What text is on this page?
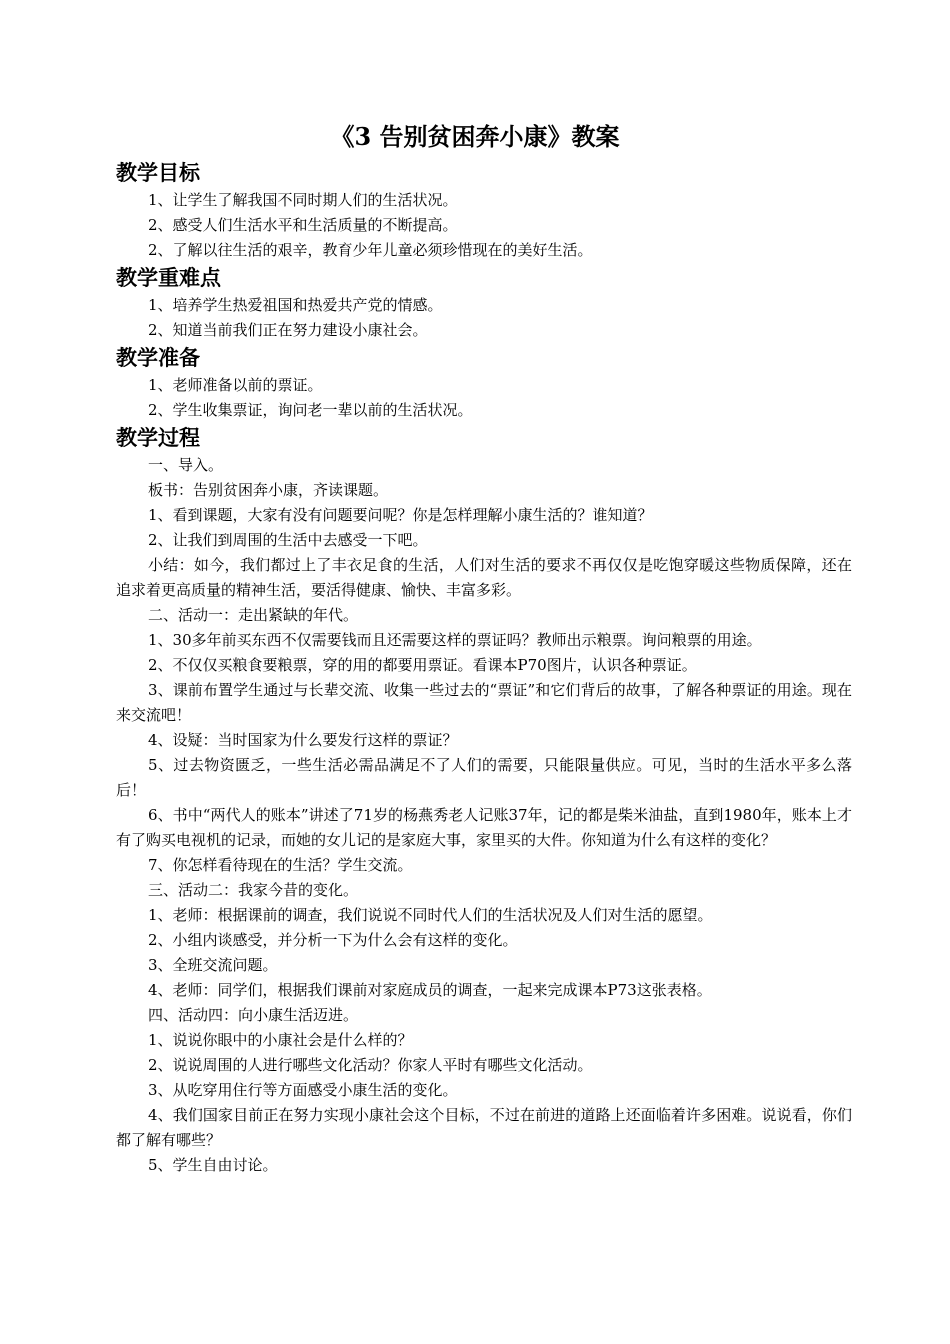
《3 告别贫困奔小康》教案
教学目标

1、让学生了解我国不同时期人们的生活状况。

2、感受人们生活水平和生活质量的不断提高。

2、了解以往生活的艰辛，教育少年儿童必须珍惜现在的美好生活。

教学重难点

1、培养学生热爱祖国和热爱共产党的情感。

2、知道当前我们正在努力建设小康社会。

教学准备

1、老师准备以前的票证。

2、学生收集票证，询问老一辈以前的生活状况。

教学过程

一、导入。

板书：告别贫困奔小康，齐读课题。

1、看到课题，大家有没有问题要问呢？你是怎样理解小康生活的？谁知道？

2、让我们到周围的生活中去感受一下吧。

小结：如今，我们都过上了丰衣足食的生活，人们对生活的要求不再仅仅是吃饱穿暖这些物质保障，还在追求着更高质量的精神生活，要活得健康、愉快、丰富多彩。

二、活动一：走出紧缺的年代。

1、30多年前买东西不仅需要钱而且还需要这样的票证吗？教师出示粮票。询问粮票的用途。

2、不仅仅买粮食要粮票，穿的用的都要用票证。看课本P70图片，认识各种票证。

3、课前布置学生通过与长辈交流、收集一些过去的“票证”和它们背后的故事，了解各种票证的用途。现在来交流吧！

4、设疑：当时国家为什么要发行这样的票证？

5、过去物资匮乏，一些生活必需品满足不了人们的需要，只能限量供应。可见，当时的生活水平多么落后！

6、书中“两代人的账本”讲述了71岁的杨燕秀老人记账37年，记的都是柴米油盐，直到1980年，账本上才有了购买电视机的记录，而她的女儿记的是家庭大事，家里买的大件。你知道为什么有这样的变化？

7、你怎样看待现在的生活？学生交流。

三、活动二：我家今昔的变化。

1、老师：根据课前的调查，我们说说不同时代人们的生活状况及人们对生活的愿望。

2、小组内谈感受，并分析一下为什么会有这样的变化。

3、全班交流问题。

4、老师：同学们，根据我们课前对家庭成员的调查，一起来完成课本P73这张表格。

四、活动四：向小康生活迈进。

1、说说你眼中的小康社会是什么样的？

2、说说周围的人进行哪些文化活动？你家人平时有哪些文化活动。

3、从吃穿用住行等方面感受小康生活的变化。

4、我们国家目前正在努力实现小康社会这个目标，不过在前进的道路上还面临着许多困难。说说看，你们都了解有哪些？

5、学生自由讨论。
